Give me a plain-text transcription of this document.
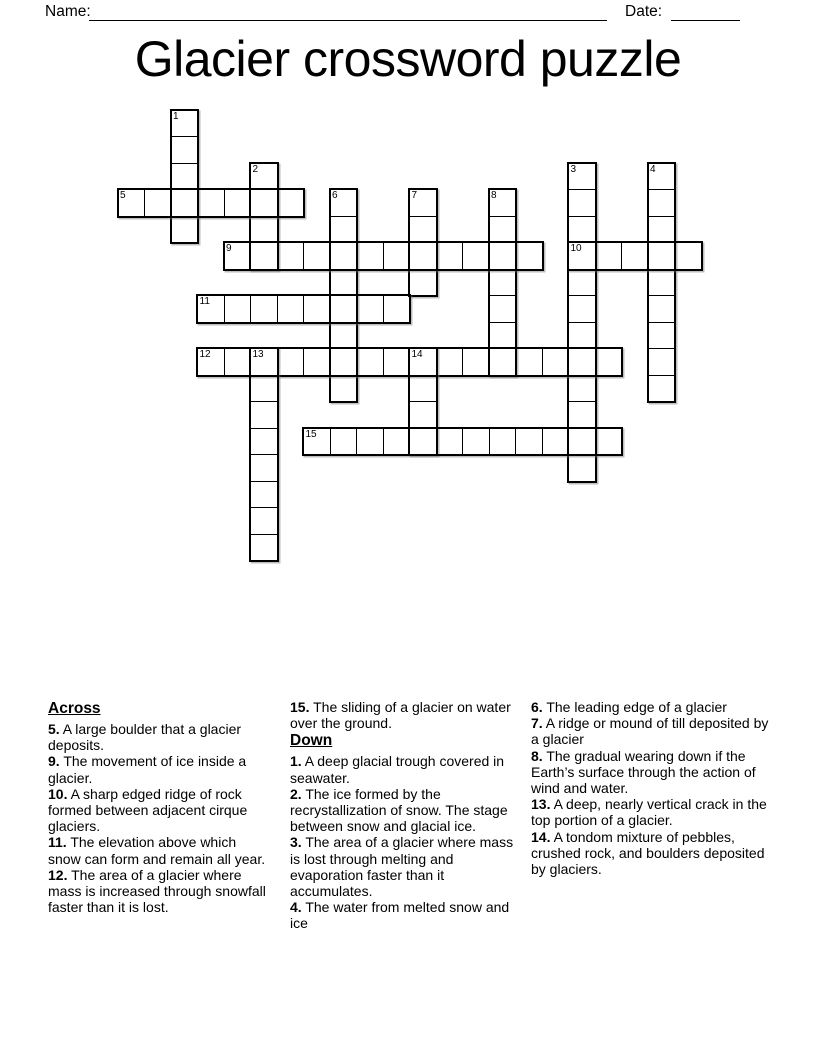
Name:	Date:
Glacier crossword puzzle
1
2	3	4
5	6	7	8
9	10
11
12	13	14
15
Across
5. A large boulder that a glacier deposits.
9. The movement of ice inside a glacier.
10. A sharp edged ridge of rock formed between adjacent cirque glaciers.
11. The elevation above which snow can form and remain all year.
12. The area of a glacier where mass is increased through snowfall faster than it is lost.
15. The sliding of a glacier on water over the ground.
Down
1. A deep glacial trough covered in seawater.
2. The ice formed by the recrystallization of snow. The stage between snow and glacial ice.
3. The area of a glacier where mass is lost through melting and evaporation faster than it accumulates.
4. The water from melted snow and ice
6. The leading edge of a glacier
7. A ridge or mound of till deposited by a glacier
8. The gradual wearing down if the Earth’s surface through the action of wind and water.
13. A deep, nearly vertical crack in the top portion of a glacier.
14. A tondom mixture of pebbles, crushed rock, and boulders deposited by glaciers.
